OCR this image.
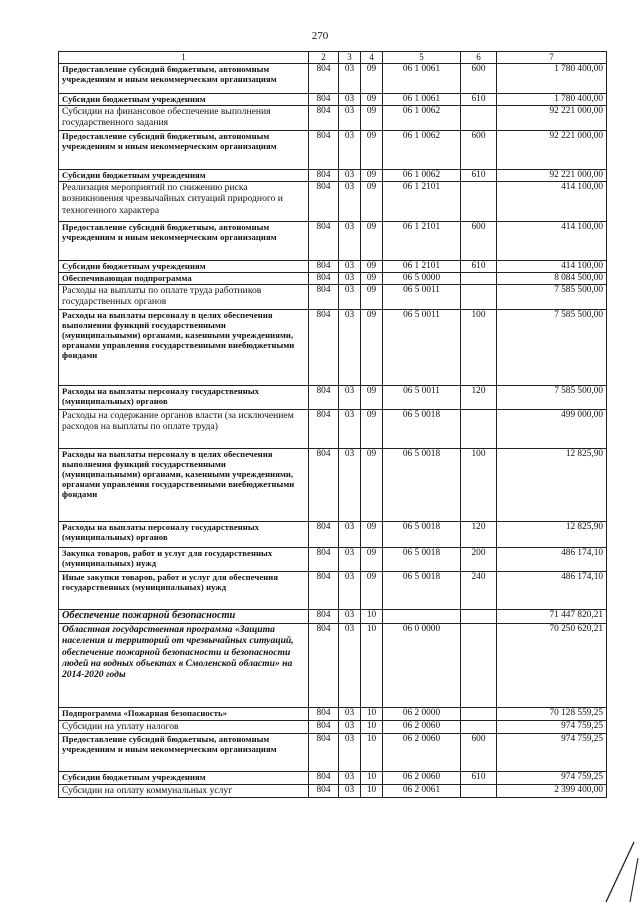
270
1	2	3	4	5	6	7
Предоставление субсидий бюджетным, автономным учреждениям и иным некоммерческим организациям	804	03	09	06 1 0061	600	1 780 400,00
Субсидии бюджетным учреждениям	804	03	09	06 1 0061	610	1 780 400,00
Субсидии на финансовое обеспечение выполнения государственного задания	804	03	09	06 1 0062		92 221 000,00
Предоставление субсидий бюджетным, автономным учреждениям и иным некоммерческим организациям	804	03	09	06 1 0062	600	92 221 000,00
Субсидии бюджетным учреждениям	804	03	09	06 1 0062	610	92 221 000,00
Реализация мероприятий по снижению риска возникновения чрезвычайных ситуаций природного и техногенного характера	804	03	09	06 1 2101		414 100,00
Предоставление субсидий бюджетным, автономным учреждениям и иным некоммерческим организациям	804	03	09	06 1 2101	600	414 100,00
Субсидии бюджетным учреждениям	804	03	09	06 1 2101	610	414 100,00
Обеспечивающая подпрограмма	804	03	09	06 5 0000		8 084 500,00
Расходы на выплаты по оплате труда работников государственных органов	804	03	09	06 5 0011		7 585 500,00
Расходы на выплаты персоналу в целях обеспечения выполнения функций государственными (муниципальными) органами, казенными учреждениями, органами управления государственными внебюджетными фондами	804	03	09	06 5 0011	100	7 585 500,00
Расходы на выплаты персоналу государственных (муниципальных) органов	804	03	09	06 5 0011	120	7 585 500,00
Расходы на содержание органов власти (за исключением расходов на выплаты по оплате труда)	804	03	09	06 5 0018		499 000,00
Расходы на выплаты персоналу в целях обеспечения выполнения функций государственными (муниципальными) органами, казенными учреждениями, органами управления государственными внебюджетными фондами	804	03	09	06 5 0018	100	12 825,90
Расходы на выплаты персоналу государственных (муниципальных) органов	804	03	09	06 5 0018	120	12 825,90
Закупка товаров, работ и услуг для государственных (муниципальных) нужд	804	03	09	06 5 0018	200	486 174,10
Иные закупки товаров, работ и услуг для обеспечения государственных (муниципальных) нужд	804	03	09	06 5 0018	240	486 174,10
Обеспечение пожарной безопасности	804	03	10			71 447 820,21
Областная государственная программа «Защита населения и территорий от чрезвычайных ситуаций, обеспечение пожарной безопасности и безопасности людей на водных объектах в Смоленской области» на 2014-2020 годы	804	03	10	06 0 0000		70 250 620,21
Подпрограмма «Пожарная безопасность»	804	03	10	06 2 0000		70 128 559,25
Субсидии на уплату налогов	804	03	10	06 2 0060		974 759,25
Предоставление субсидий бюджетным, автономным учреждениям и иным некоммерческим организациям	804	03	10	06 2 0060	600	974 759,25
Субсидии бюджетным учреждениям	804	03	10	06 2 0060	610	974 759,25
Субсидии на оплату коммунальных услуг	804	03	10	06 2 0061		2 399 400,00
